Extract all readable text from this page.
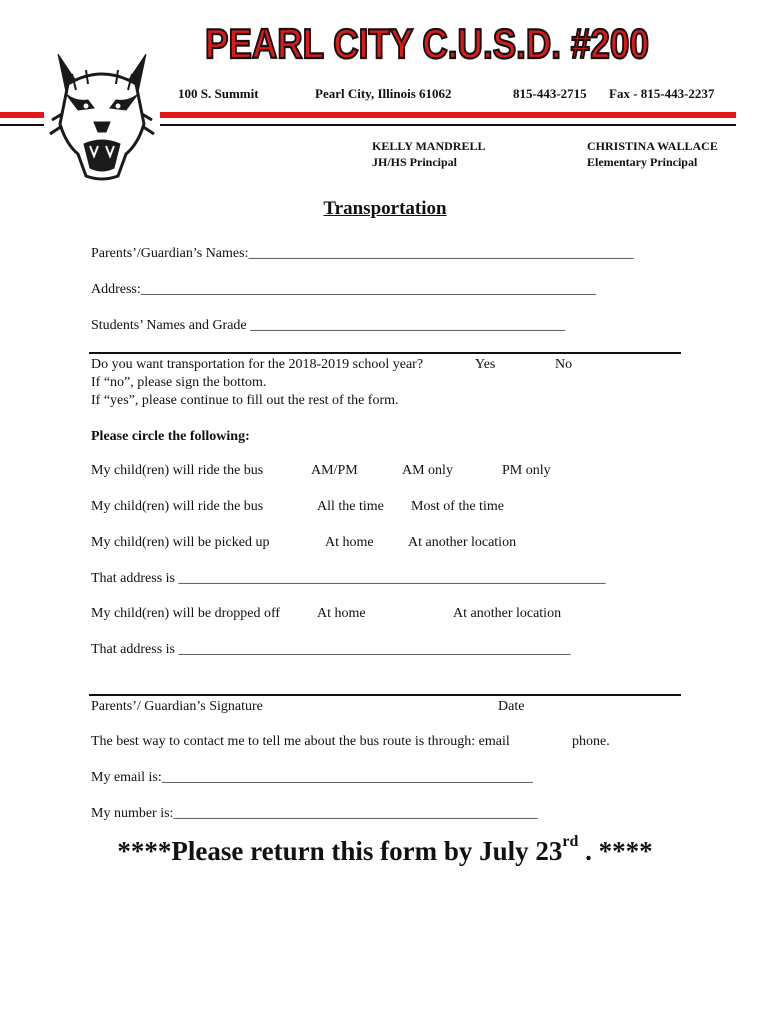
PEARL CITY C.U.S.D. #200
100 S. Summit	Pearl City, Illinois 61062	815-443-2715 Fax - 815-443-2237
KELLY MANDRELL
JH/HS Principal
CHRISTINA WALLACE
Elementary Principal
Transportation
Parents’/Guardian’s Names:_______________________________________________________
Address:_________________________________________________________________
Students’ Names and Grade _____________________________________________
Do you want transportation for the 2018-2019 school year?	Yes	No
If “no”, please sign the bottom.
If “yes”, please continue to fill out the rest of the form.
Please circle the following:
My child(ren) will ride the bus	AM/PM	AM only	PM only
My child(ren) will ride the bus	All the time Most of the time
My child(ren) will be picked up	At home At another location
That address is _____________________________________________________________
My child(ren) will be dropped off	At home	At another location
That address is ________________________________________________________
Parents’/ Guardian’s Signature	Date
The best way to contact me to tell me about the bus route is through: email	phone.
My email is:_____________________________________________________
My number is:____________________________________________________
****Please return this form by July 23rd . ****
